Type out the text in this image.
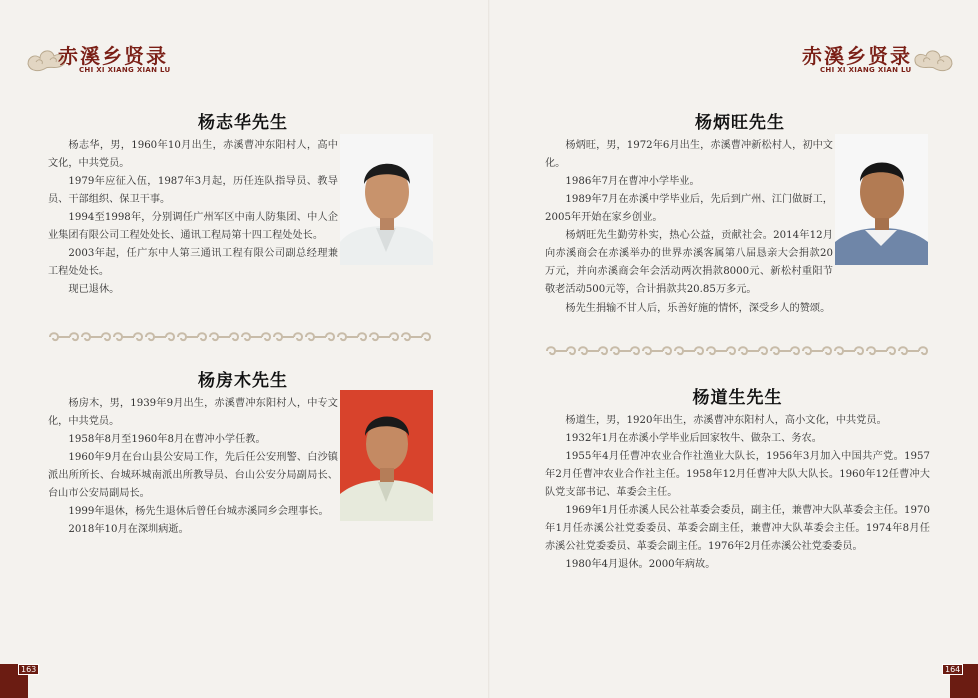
赤溪乡贤录
CHI XI XIANG XIAN LU
赤溪乡贤录
CHI XI XIANG XIAN LU
杨志华先生

杨志华，男，1960年10月出生，赤溪曹冲东阳村人，高中文化，中共党员。

1979年应征入伍，1987年3月起，历任连队指导员、教导员、干部组织、保卫干事。

1994至1998年，分别调任广州军区中南人防集团、中人企业集团有限公司工程处处长、通讯工程局第十四工程处处长。

2003年起，任广东中人第三通讯工程有限公司副总经理兼工程处处长。

现已退休。

杨房木先生

杨房木，男，1939年9月出生，赤溪曹冲东阳村人，中专文化，中共党员。

1958年8月至1960年8月在曹冲小学任教。

1960年9月在台山县公安局工作，先后任公安刑警、白沙镇派出所所长、台城环城南派出所教导员、台山公安分局副局长、台山市公安局副局长。

1999年退休，杨先生退休后曾任台城赤溪同乡会理事长。

2018年10月在深圳病逝。

杨炳旺先生

杨炳旺，男，1972年6月出生，赤溪曹冲新松村人，初中文化。

1986年7月在曹冲小学毕业。

1989年7月在赤溪中学毕业后，先后到广州、江门做厨工，2005年开始在家乡创业。

杨炳旺先生勤劳朴实，热心公益，贡献社会。2014年12月向赤溪商会在赤溪举办的世界赤溪客属第八届恳亲大会捐款20万元，并向赤溪商会年会活动两次捐款8000元、新松村重阳节敬老活动500元等，合计捐款共20.85万多元。

杨先生捐输不甘人后，乐善好施的情怀，深受乡人的赞颂。

杨道生先生

杨道生，男，1920年出生，赤溪曹冲东阳村人，高小文化，中共党员。

1932年1月在赤溪小学毕业后回家牧牛、做杂工、务农。

1955年4月任曹冲农业合作社渔业大队长，1956年3月加入中国共产党。1957年2月任曹冲农业合作社主任。1958年12月任曹冲大队大队长。1960年12任曹冲大队党支部书记、革委会主任。

1969年1月任赤溪人民公社革委会委员，副主任，兼曹冲大队革委会主任。1970年1月任赤溪公社党委委员、革委会副主任，兼曹冲大队革委会主任。1974年8月任赤溪公社党委委员、革委会副主任。1976年2月任赤溪公社党委委员。

1980年4月退休。2000年病故。

163	164
